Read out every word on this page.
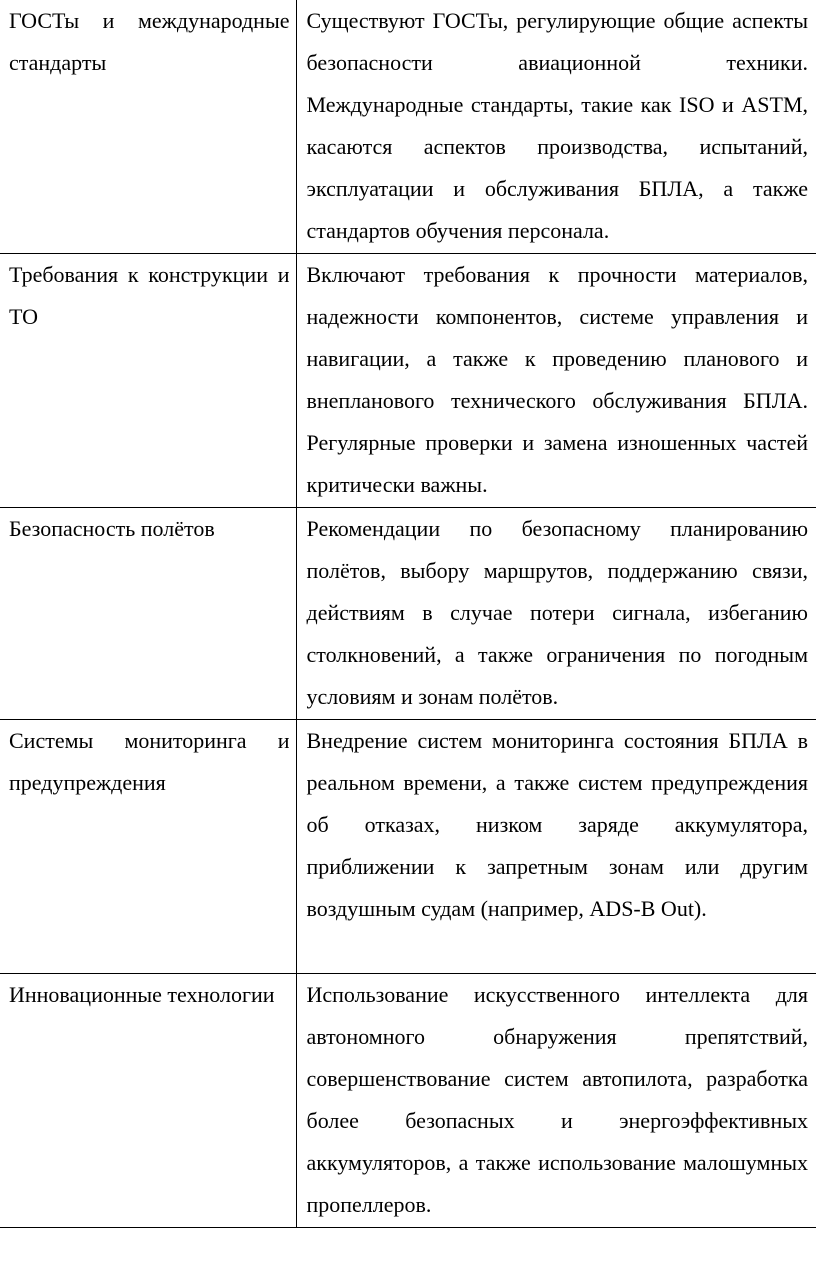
ГОСТы и международные стандарты	Существуют ГОСТы, регулирующие общие аспекты безопасности авиационной техники. Международные стандарты, такие как ISO и ASTM, касаются аспектов производства, испытаний, эксплуатации и обслуживания БПЛА, а также стандартов обучения персонала.

Требования к конструкции и ТО	Включают требования к прочности материалов, надежности компонентов, системе управления и навигации, а также к проведению планового и внепланового технического обслуживания БПЛА. Регулярные проверки и замена изношенных частей критически важны.

Безопасность полётов	Рекомендации по безопасному планированию полётов, выбору маршрутов, поддержанию связи, действиям в случае потери сигнала, избеганию столкновений, а также ограничения по погодным условиям и зонам полётов.

Системы мониторинга и предупреждения	Внедрение систем мониторинга состояния БПЛА в реальном времени, а также систем предупреждения об отказах, низком заряде аккумулятора, приближении к запретным зонам или другим воздушным судам (например, ADS-B Out).

Инновационные технологии	Использование искусственного интеллекта для автономного обнаружения препятствий, совершенствование систем автопилота, разработка более безопасных и энергоэффективных аккумуляторов, а также использование малошумных пропеллеров.
